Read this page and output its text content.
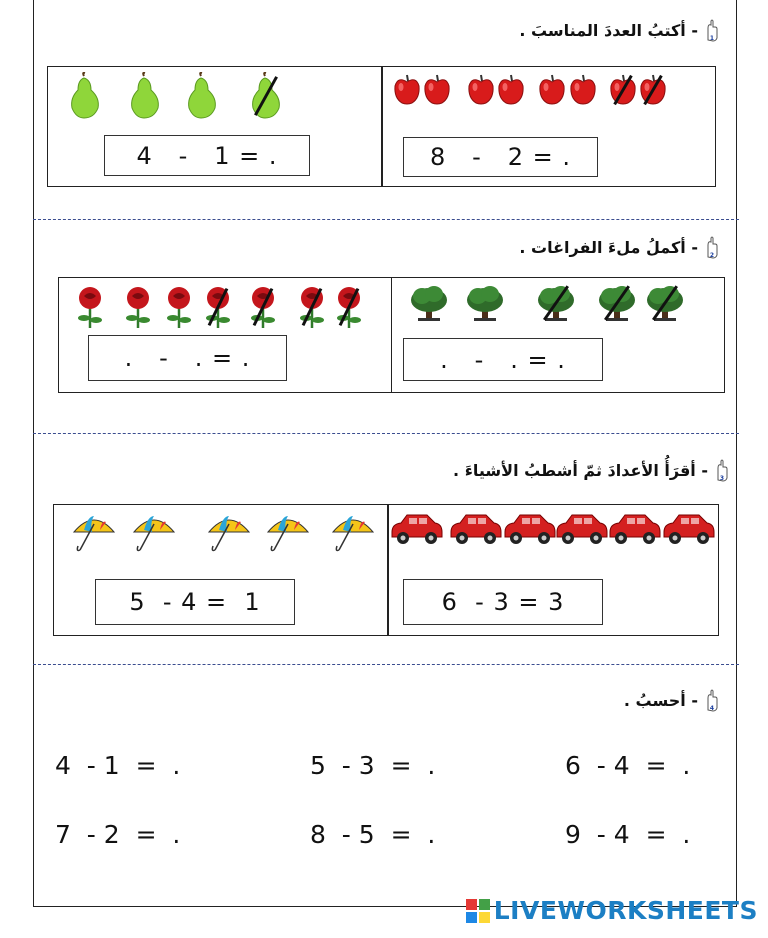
1
- أكتبُ العددَ المناسبَ .
4   -   1 = .	8   -   2 = .
2
- أكملُ ملءَ الفراغات .
.   -   . = .	.   -   . = .
3
- أقرَأُ الأعدادَ ثمّ أشطبُ الأشياءَ .
5  - 4 =  1	6  - 3 = 3
4
- أحسبُ .
4  - 1  =  .	5  - 3  =  .	6  - 4  =  .
7  - 2  =  .	8  - 5  =  .	9  - 4  =  .
LIVEWORKSHEETS
